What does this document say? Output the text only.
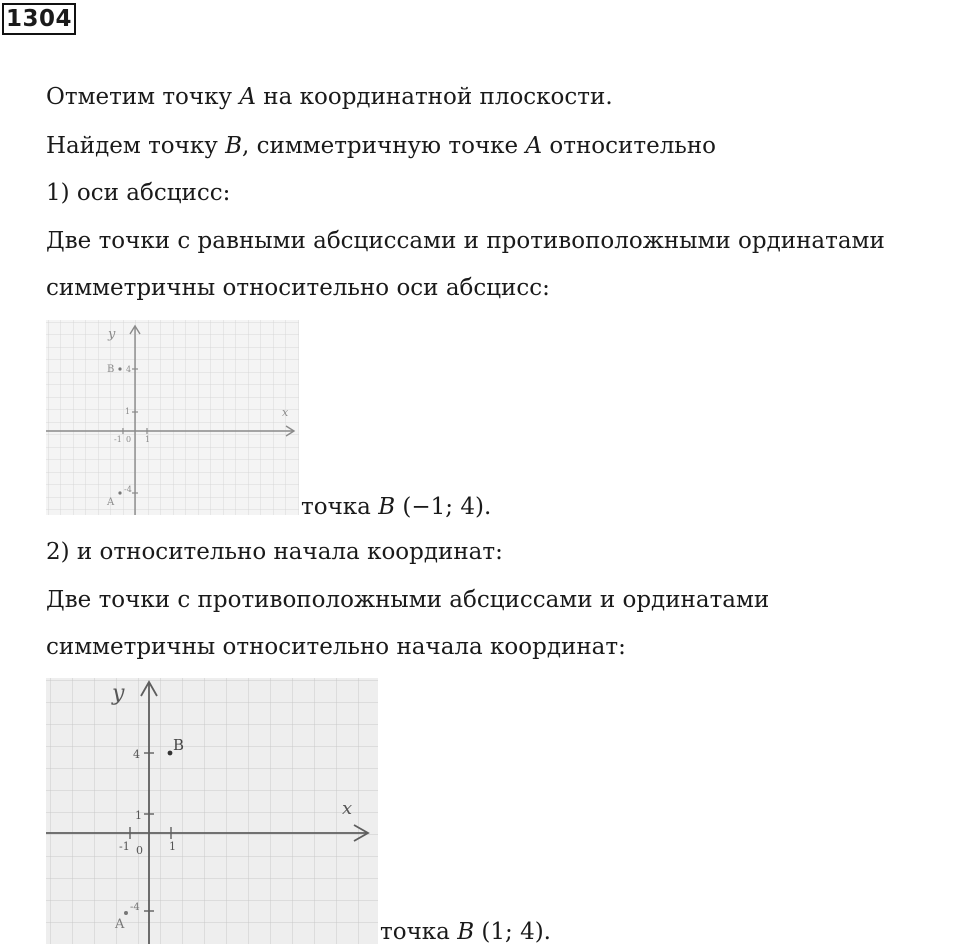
1304
Отметим точку A на координатной плоскости.
Найдем точку B, симметричную точке A относительно
1) оси абсцисс:
Две точки с равными абсциссами и противоположными ординатами
симметричны относительно оси абсцисс:
y
x
B
A
4
1
-4
-1 0 1
точка B (−1; 4).
2) и относительно начала координат:
Две точки с противоположными абсциссами и ординатами
симметричны относительно начала координат:
y
x
B
A
4
1
-4
-1 0 1
точка B (1; 4).
